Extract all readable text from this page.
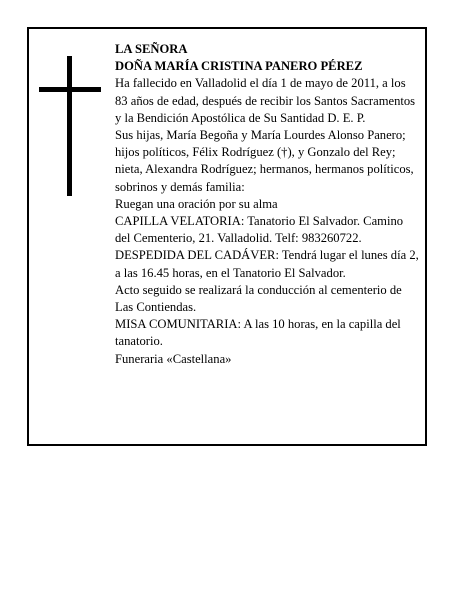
LA SEÑORA

DOÑA MARÍA CRISTINA PANERO PÉREZ

Ha fallecido en Valladolid el día 1 de mayo de 2011, a los 83 años de edad, después de recibir los Santos Sacramentos y la Bendición Apostólica de Su Santidad D. E. P.

Sus hijas, María Begoña y María Lourdes Alonso Panero; hijos políticos, Félix Rodríguez (†), y Gonzalo del Rey; nieta, Alexandra Rodríguez; hermanos, hermanos políticos, sobrinos y demás familia:

Ruegan una oración por su alma

CAPILLA VELATORIA: Tanatorio El Salvador. Camino del Cementerio, 21. Valladolid. Telf: 983260722.

DESPEDIDA DEL CADÁVER: Tendrá lugar el lunes día 2, a las 16.45 horas, en el Tanatorio El Salvador.

Acto seguido se realizará la conducción al cementerio de Las Contiendas.

MISA COMUNITARIA: A las 10 horas, en la capilla del tanatorio.

Funeraria «Castellana»
